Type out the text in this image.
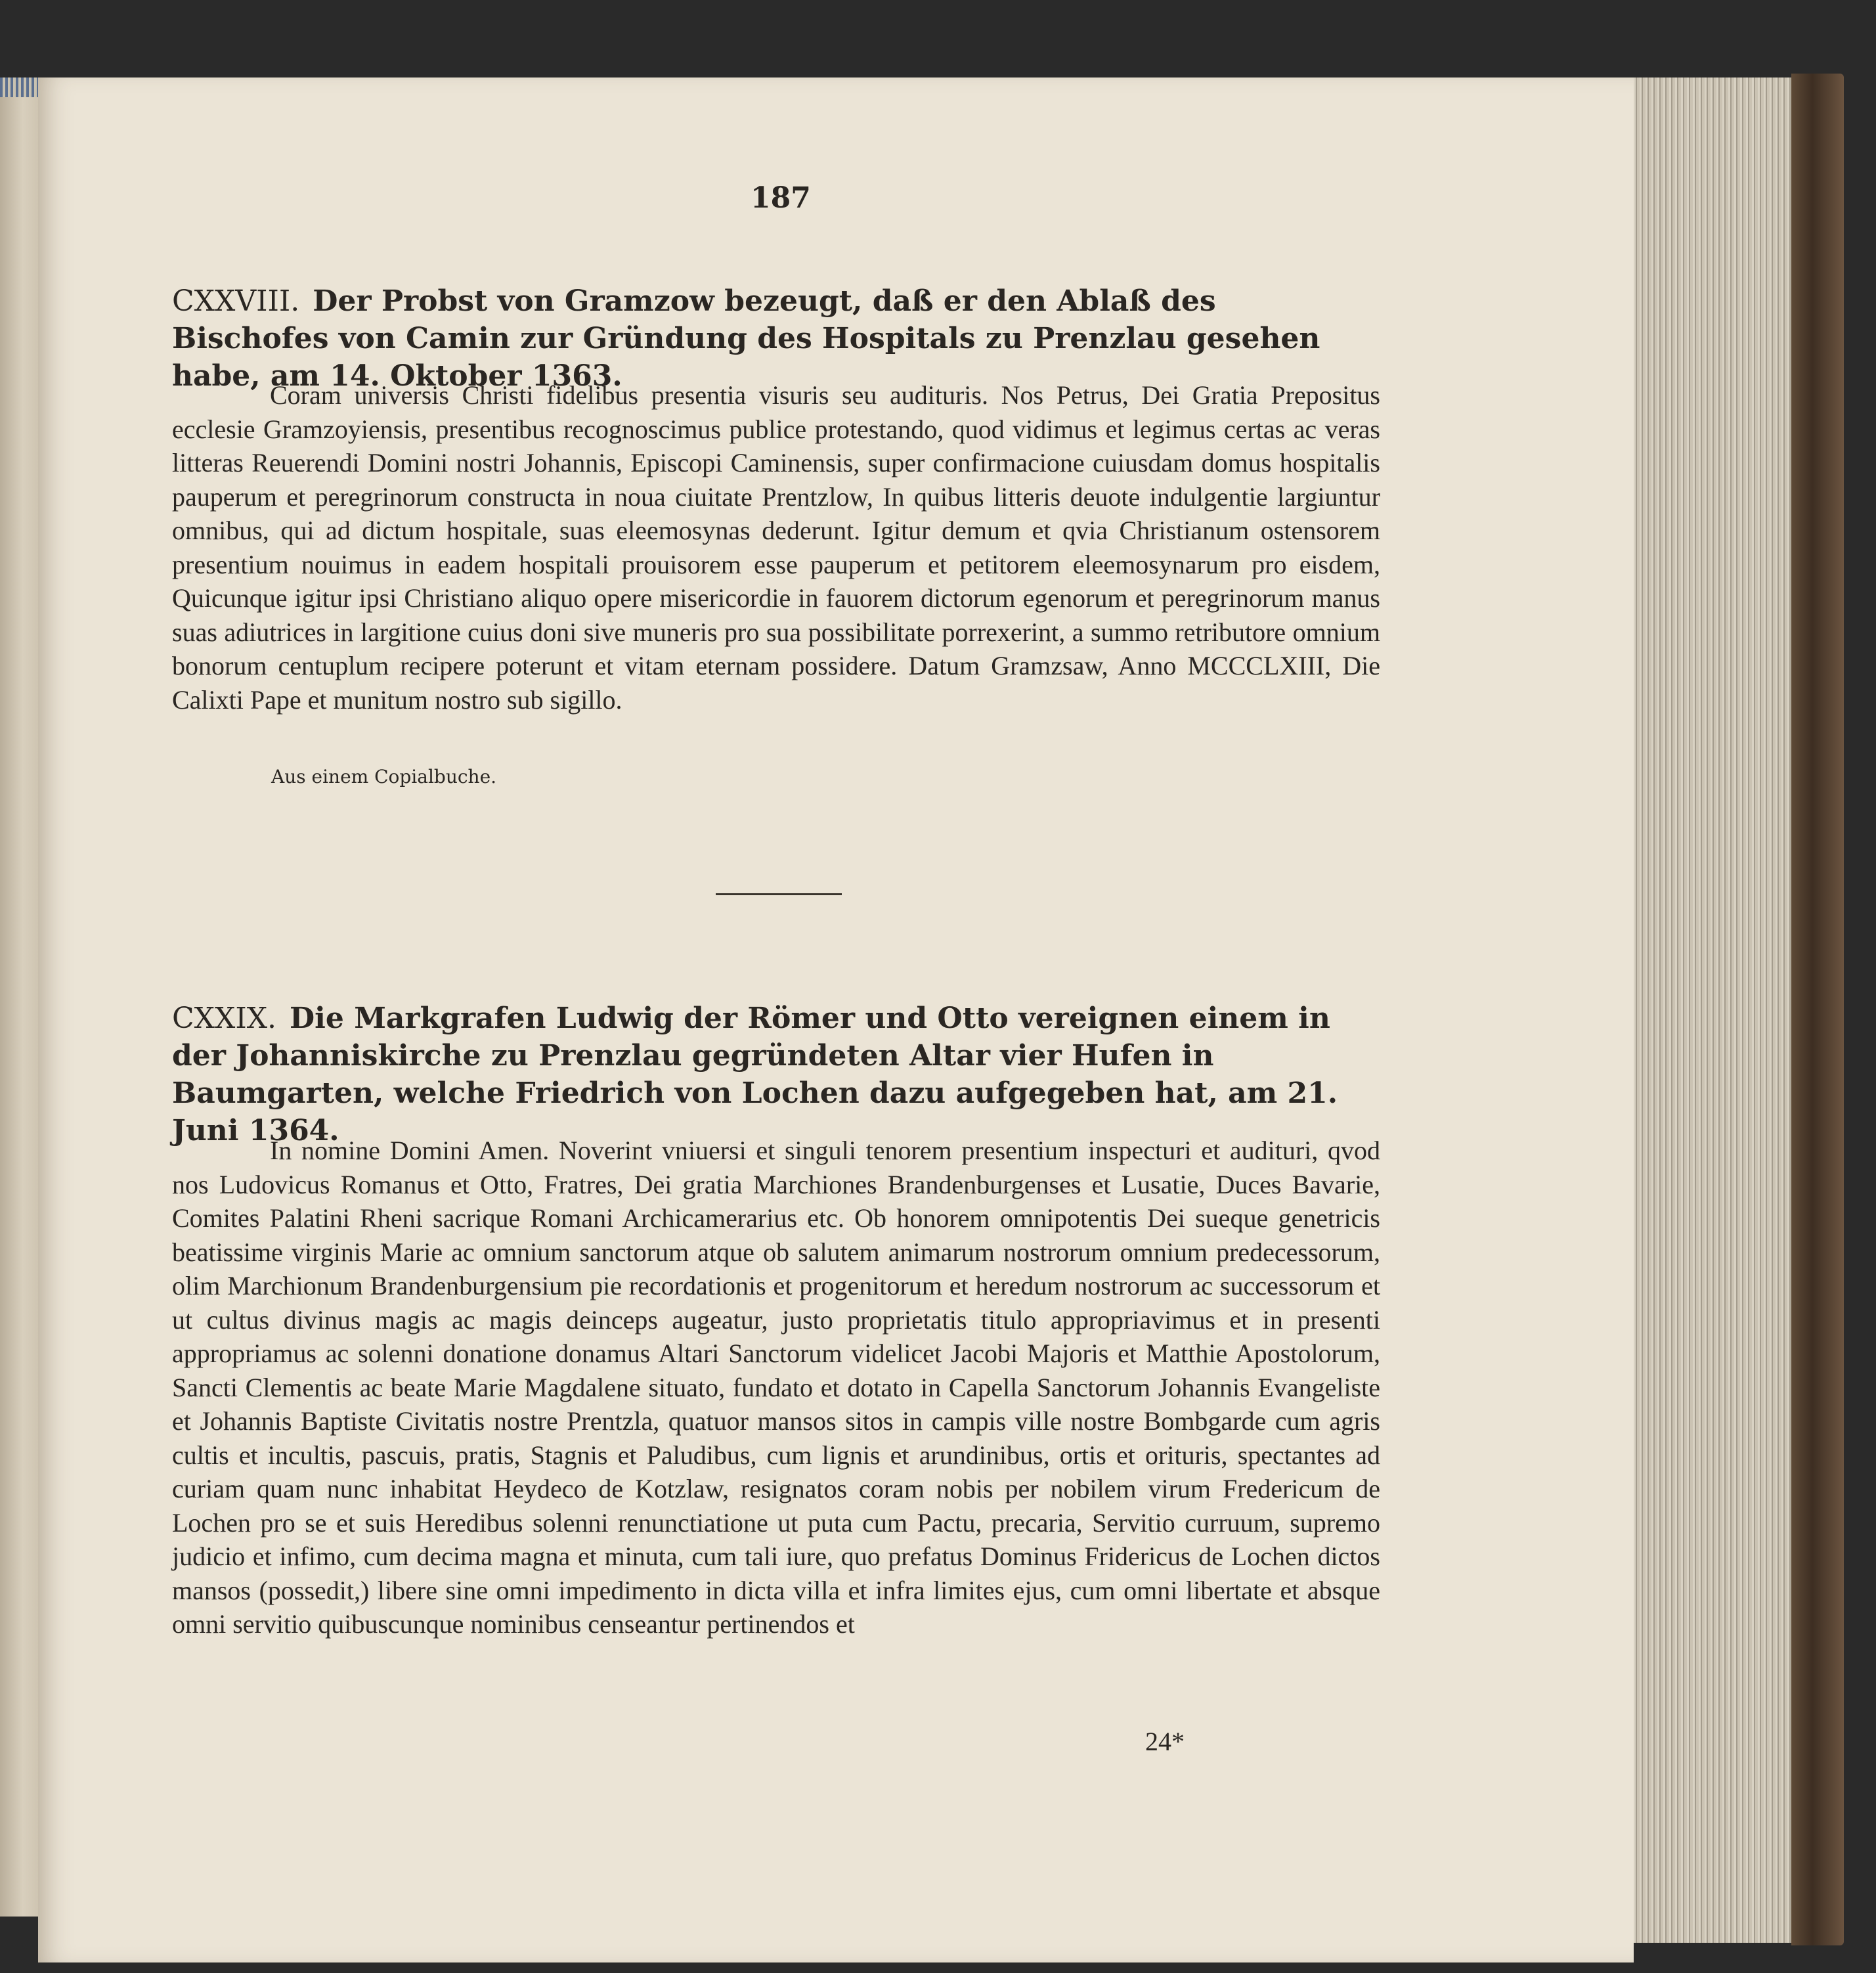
187
CXXVIII. Der Probst von Gramzow bezeugt, daß er den Ablaß des Bischofes von Camin zur Gründung des Hospitals zu Prenzlau gesehen habe, am 14. Oktober 1363.

Coram universis Christi fidelibus presentia visuris seu audituris. Nos Petrus, Dei Gratia Prepositus ecclesie Gramzoyiensis, presentibus recognoscimus publice protestando, quod vidimus et legimus certas ac veras litteras Reuerendi Domini nostri Johannis, Episcopi Caminensis, super confirmacione cuiusdam domus hospitalis pauperum et peregrinorum constructa in noua ciuitate Prentzlow, In quibus litteris deuote indulgentie largiuntur omnibus, qui ad dictum hospitale, suas eleemosynas dederunt. Igitur demum et qvia Christianum ostensorem presentium nouimus in eadem hospitali prouisorem esse pauperum et petitorem eleemosynarum pro eisdem, Quicunque igitur ipsi Christiano aliquo opere misericordie in fauorem dictorum egenorum et peregrinorum manus suas adiutrices in largitione cuius doni sive muneris pro sua possibilitate porrexerint, a summo retributore omnium bonorum centuplum recipere poterunt et vitam eternam possidere. Datum Gramzsaw, Anno MCCCLXIII, Die Calixti Pape et munitum nostro sub sigillo.

Aus einem Copialbuche.
CXXIX. Die Markgrafen Ludwig der Römer und Otto vereignen einem in der Johanniskirche zu Prenzlau gegründeten Altar vier Hufen in Baumgarten, welche Friedrich von Lochen dazu aufgegeben hat, am 21. Juni 1364.

In nomine Domini Amen. Noverint vniuersi et singuli tenorem presentium inspecturi et audituri, qvod nos Ludovicus Romanus et Otto, Fratres, Dei gratia Marchiones Brandenburgenses et Lusatie, Duces Bavarie, Comites Palatini Rheni sacrique Romani Archicamerarius etc. Ob honorem omnipotentis Dei sueque genetricis beatissime virginis Marie ac omnium sanctorum atque ob salutem animarum nostrorum omnium predecessorum, olim Marchionum Brandenburgensium pie recordationis et progenitorum et heredum nostrorum ac successorum et ut cultus divinus magis ac magis deinceps augeatur, justo proprietatis titulo appropriavimus et in presenti appropriamus ac solenni donatione donamus Altari Sanctorum videlicet Jacobi Majoris et Matthie Apostolorum, Sancti Clementis ac beate Marie Magdalene situato, fundato et dotato in Capella Sanctorum Johannis Evangeliste et Johannis Baptiste Civitatis nostre Prentzla, quatuor mansos sitos in campis ville nostre Bombgarde cum agris cultis et incultis, pascuis, pratis, Stagnis et Paludibus, cum lignis et arundinibus, ortis et orituris, spectantes ad curiam quam nunc inhabitat Heydeco de Kotzlaw, resignatos coram nobis per nobilem virum Fredericum de Lochen pro se et suis Heredibus solenni renunctiatione ut puta cum Pactu, precaria, Servitio curruum, supremo judicio et infimo, cum decima magna et minuta, cum tali iure, quo prefatus Dominus Fridericus de Lochen dictos mansos (possedit,) libere sine omni impedimento in dicta villa et infra limites ejus, cum omni libertate et absque omni servitio quibuscunque nominibus censeantur pertinendos et

24*
